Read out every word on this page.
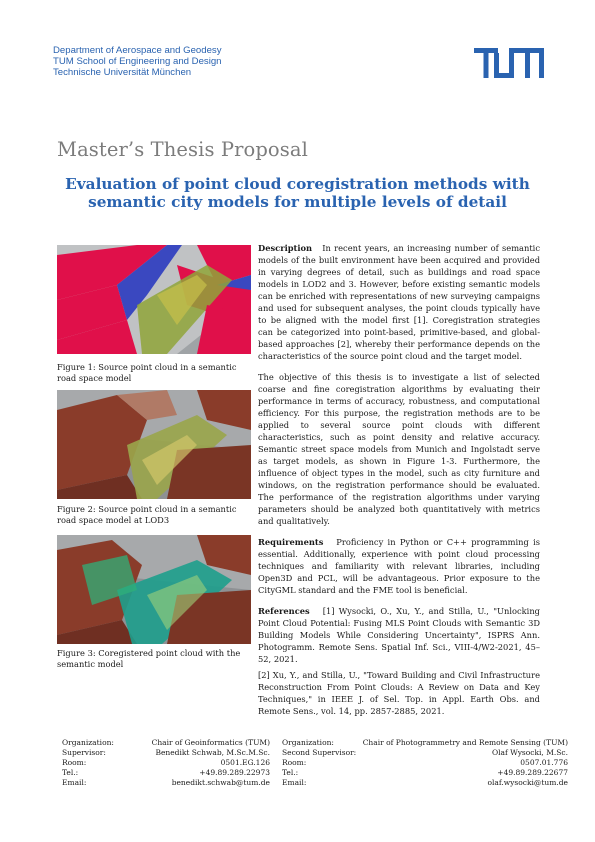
Department of Aerospace and Geodesy
TUM School of Engineering and Design
Technische Universität München
Master’s Thesis Proposal
Evaluation of point cloud coregistration methods with
semantic city models for multiple levels of detail
Figure 1: Source point cloud in a semantic road space model
Figure 2: Source point cloud in a semantic road space model at LOD3
Figure 3: Coregistered point cloud with the semantic model

Description In recent years, an increasing number of semantic models of the built environment have been acquired and provided in varying degrees of detail, such as buildings and road space models in LOD2 and 3. However, before existing semantic models can be enriched with representations of new surveying campaigns and used for subsequent analyses, the point clouds typically have to be aligned with the model first [1]. Coregistration strategies can be categorized into point-based, primitive-based, and global-based approaches [2], whereby their performance depends on the characteristics of the source point cloud and the target model.

The objective of this thesis is to investigate a list of selected coarse and fine coregistration algorithms by evaluating their performance in terms of accuracy, robustness, and computational efficiency. For this purpose, the registration methods are to be applied to several source point clouds with different characteristics, such as point density and relative accuracy. Semantic street space models from Munich and Ingolstadt serve as target models, as shown in Figure 1-3. Furthermore, the influence of object types in the model, such as city furniture and windows, on the registration performance should be evaluated. The performance of the registration algorithms under varying parameters should be analyzed both quantitatively with metrics and qualitatively.

Requirements Proficiency in Python or C++ programming is essential. Additionally, experience with point cloud processing techniques and familiarity with relevant libraries, including Open3D and PCL, will be advantageous. Prior exposure to the CityGML standard and the FME tool is beneficial.

References [1] Wysocki, O., Xu, Y., and Stilla, U., "Unlocking Point Cloud Potential: Fusing MLS Point Clouds with Semantic 3D Building Models While Considering Uncertainty", ISPRS Ann. Photogramm. Remote Sens. Spatial Inf. Sci., VIII-4/W2-2021, 45–52, 2021.
[2] Xu, Y., and Stilla, U., "Toward Building and Civil Infrastructure Reconstruction From Point Clouds: A Review on Data and Key Techniques," in IEEE J. of Sel. Top. in Appl. Earth Obs. and Remote Sens., vol. 14, pp. 2857-2885, 2021.
Organization:	Chair of Geoinformatics (TUM)
Supervisor:	Benedikt Schwab, M.Sc.M.Sc.
Room:	0501.EG.126
Tel.:	+49.89.289.22973
Email:	benedikt.schwab@tum.de
Organization:	Chair of Photogrammetry and Remote Sensing (TUM)
Second Supervisor:	Olaf Wysocki, M.Sc.
Room:	0507.01.776
Tel.:	+49.89.289.22677
Email:	olaf.wysocki@tum.de
